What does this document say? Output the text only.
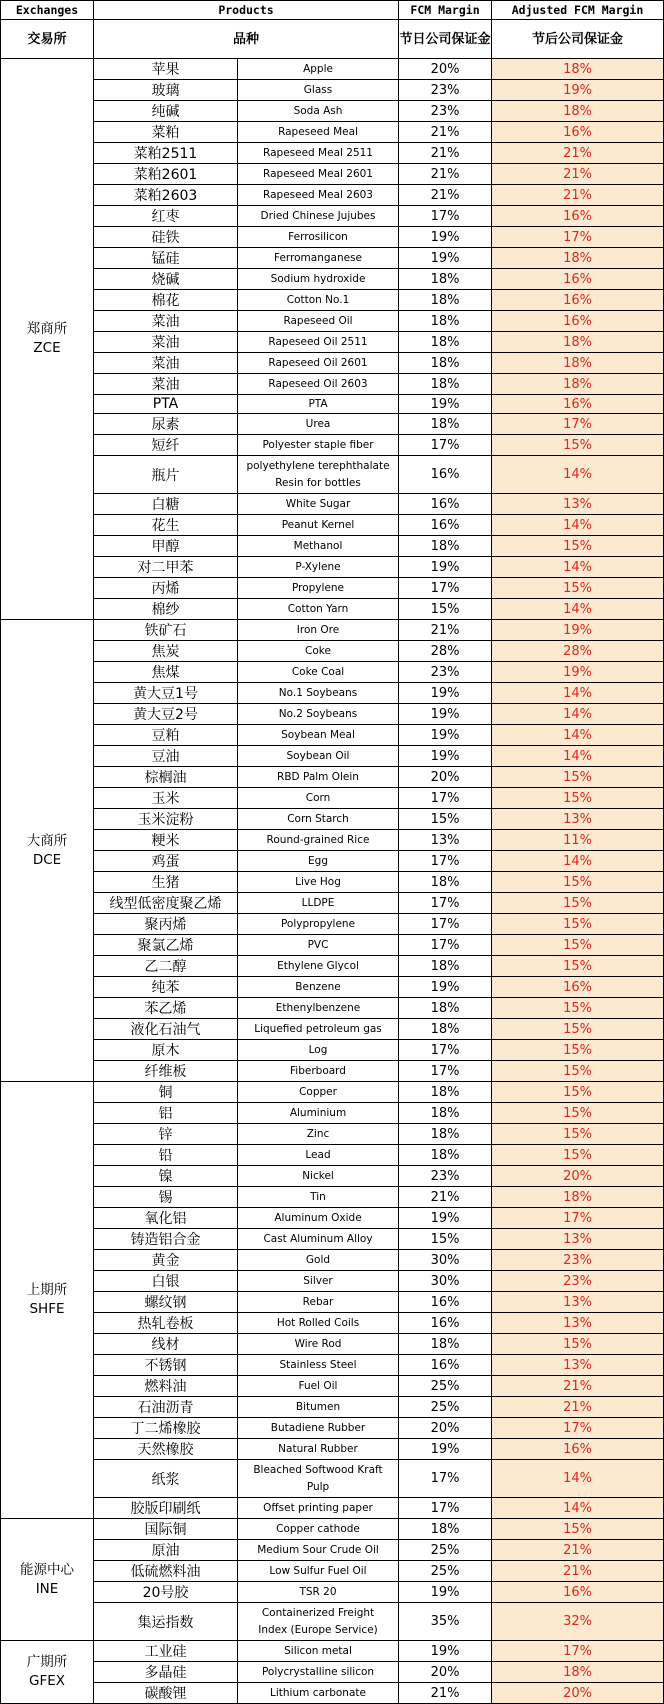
Exchanges	Products		FCM Margin	Adjusted FCM Margin
交易所	品种		节日公司保证金	节后公司保证金

郑商所
ZCE	苹果	Apple	20%	18%
	玻璃	Glass	23%	19%
	纯碱	Soda Ash	23%	18%
	菜粕	Rapeseed Meal	21%	16%
	菜粕2511	Rapeseed Meal 2511	21%	21%
	菜粕2601	Rapeseed Meal 2601	21%	21%
	菜粕2603	Rapeseed Meal 2603	21%	21%
	红枣	Dried Chinese Jujubes	17%	16%
	硅铁	Ferrosilicon	19%	17%
	锰硅	Ferromanganese	19%	18%
	烧碱	Sodium hydroxide	18%	16%
	棉花	Cotton No.1	18%	16%
	菜油	Rapeseed Oil	18%	16%
	菜油	Rapeseed Oil 2511	18%	18%
	菜油	Rapeseed Oil 2601	18%	18%
	菜油	Rapeseed Oil 2603	18%	18%
	PTA	PTA	19%	16%
	尿素	Urea	18%	17%
	短纤	Polyester staple fiber	17%	15%
	瓶片	polyethylene terephthalate Resin for bottles	16%	14%
	白糖	White Sugar	16%	13%
	花生	Peanut Kernel	16%	14%
	甲醇	Methanol	18%	15%
	对二甲苯	P-Xylene	19%	14%
	丙烯	Propylene	17%	15%
	棉纱	Cotton Yarn	15%	14%

大商所
DCE	铁矿石	Iron Ore	21%	19%
	焦炭	Coke	28%	28%
	焦煤	Coke Coal	23%	19%
	黄大豆1号	No.1 Soybeans	19%	14%
	黄大豆2号	No.2 Soybeans	19%	14%
	豆粕	Soybean Meal	19%	14%
	豆油	Soybean Oil	19%	14%
	棕榈油	RBD Palm Olein	20%	15%
	玉米	Corn	17%	15%
	玉米淀粉	Corn Starch	15%	13%
	粳米	Round-grained Rice	13%	11%
	鸡蛋	Egg	17%	14%
	生猪	Live Hog	18%	15%
	线型低密度聚乙烯	LLDPE	17%	15%
	聚丙烯	Polypropylene	17%	15%
	聚氯乙烯	PVC	17%	15%
	乙二醇	Ethylene Glycol	18%	15%
	纯苯	Benzene	19%	16%
	苯乙烯	Ethenylbenzene	18%	15%
	液化石油气	Liquefied petroleum gas	18%	15%
	原木	Log	17%	15%
	纤维板	Fiberboard	17%	15%

上期所
SHFE	铜	Copper	18%	15%
	铝	Aluminium	18%	15%
	锌	Zinc	18%	15%
	铅	Lead	18%	15%
	镍	Nickel	23%	20%
	锡	Tin	21%	18%
	氧化铝	Aluminum Oxide	19%	17%
	铸造铝合金	Cast Aluminum Alloy	15%	13%
	黄金	Gold	30%	23%
	白银	Silver	30%	23%
	螺纹钢	Rebar	16%	13%
	热轧卷板	Hot Rolled Coils	16%	13%
	线材	Wire Rod	18%	15%
	不锈钢	Stainless Steel	16%	13%
	燃料油	Fuel Oil	25%	21%
	石油沥青	Bitumen	25%	21%
	丁二烯橡胶	Butadiene Rubber	20%	17%
	天然橡胶	Natural Rubber	19%	16%
	纸浆	Bleached Softwood Kraft Pulp	17%	14%
	胶版印刷纸	Offset printing paper	17%	14%

能源中心
INE	国际铜	Copper cathode	18%	15%
	原油	Medium Sour Crude Oil	25%	21%
	低硫燃料油	Low Sulfur Fuel Oil	25%	21%
	20号胶	TSR 20	19%	16%
	集运指数	Containerized Freight Index (Europe Service)	35%	32%

广期所
GFEX	工业硅	Silicon metal	19%	17%
	多晶硅	Polycrystalline silicon	20%	18%
	碳酸锂	Lithium carbonate	21%	20%
